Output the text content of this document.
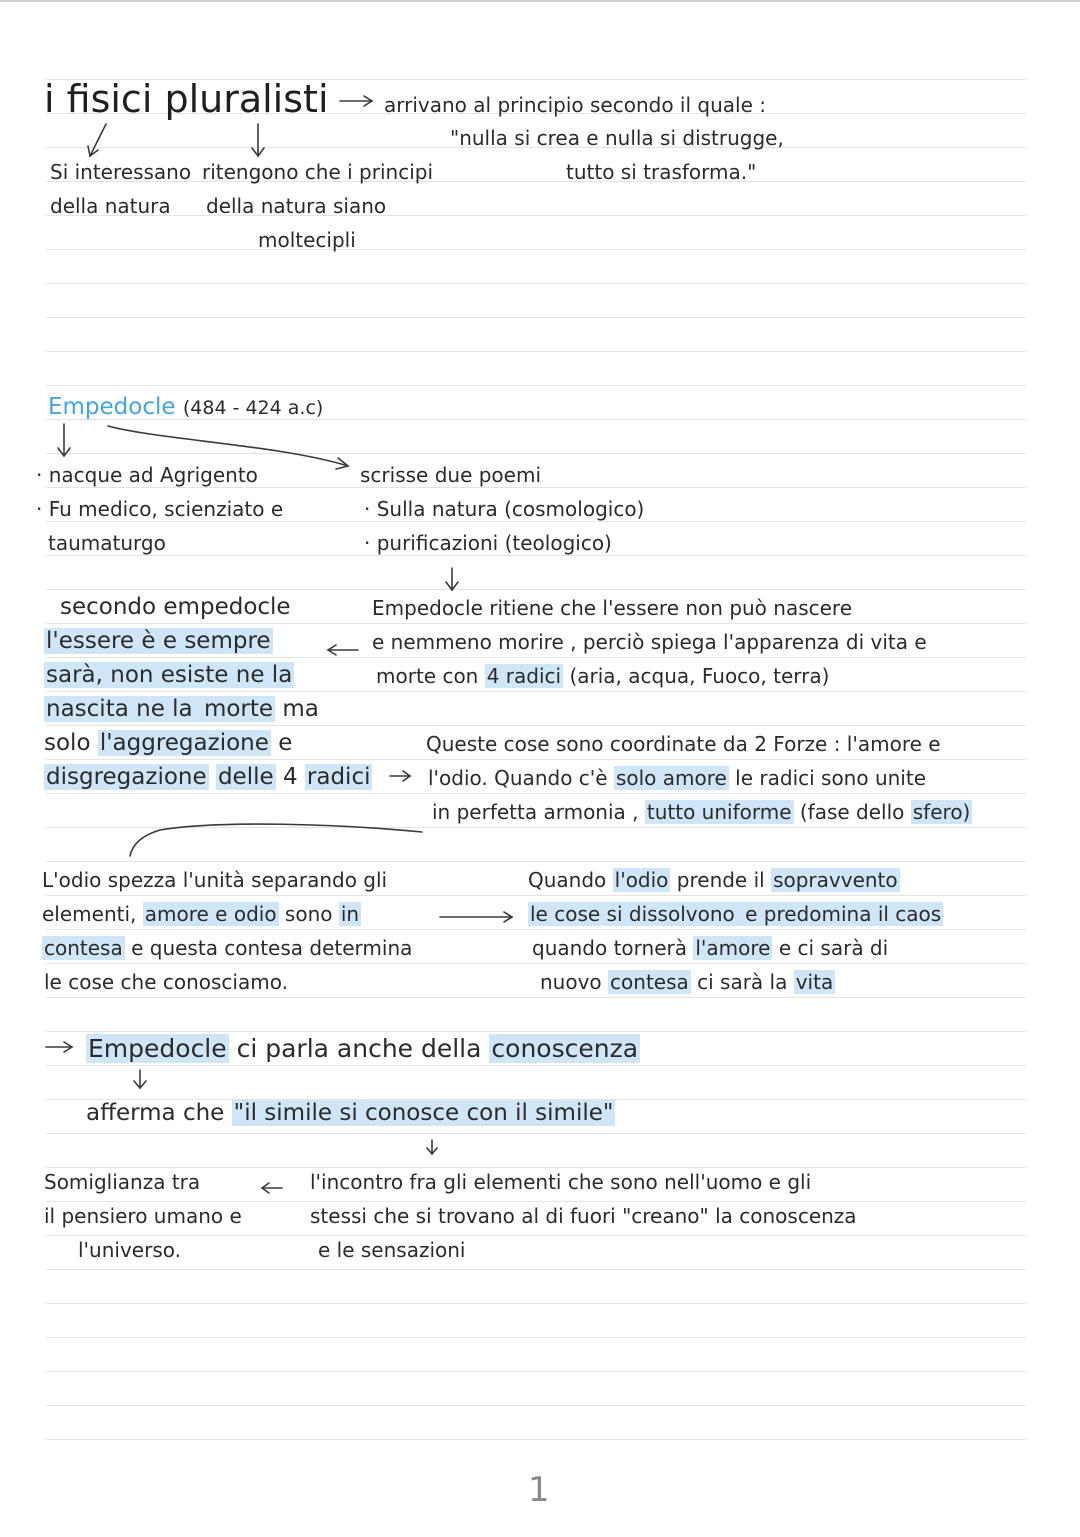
i fisici pluralisti	arrivano al principio secondo il quale :
"nulla si crea e nulla si distrugge,
tutto si trasforma."
Si interessano
della natura
ritengono che i principi
della natura siano
moltecipli
Empedocle (484 - 424 a.c)
· nacque ad Agrigento
· Fu medico, scienziato e
taumaturgo
scrisse due poemi
· Sulla natura (cosmologico)
· purificazioni (teologico)
Empedocle ritiene che l'essere non può nascere
e nemmeno morire , perciò spiega l'apparenza di vita e
morte con 4 radici (aria, acqua, Fuoco, terra)
secondo empedocle
l'essere è e sempre
sarà, non esiste ne la
nascita ne la morte ma
solo l'aggregazione e
disgregazione delle 4 radici
Queste cose sono coordinate da 2 Forze : l'amore e
l'odio. Quando c'è solo amore le radici sono unite
in perfetta armonia , tutto uniforme (fase dello sfero)
L'odio spezza l'unità separando gli
elementi, amore e odio sono in
contesa e questa contesa determina
le cose che conosciamo.
Quando l'odio prende il sopravvento
le cose si dissolvono e predomina il caos
quando tornerà l'amore e ci sarà di
nuovo contesa ci sarà la vita
Empedocle ci parla anche della conoscenza
afferma che "il simile si conosce con il simile"
Somiglianza tra
il pensiero umano e
l'universo.
l'incontro fra gli elementi che sono nell'uomo e gli
stessi che si trovano al di fuori "creano" la conoscenza
e le sensazioni
1
